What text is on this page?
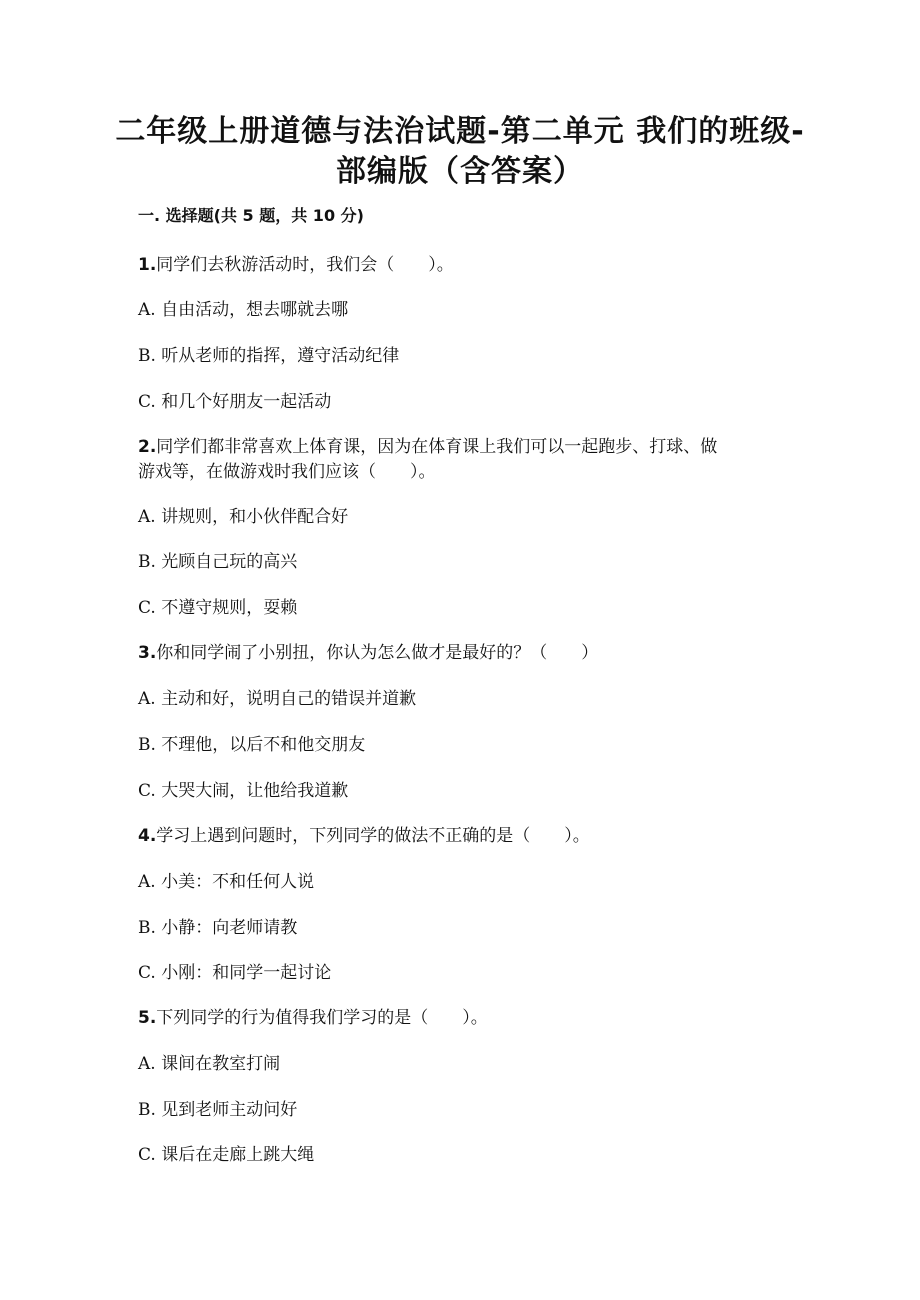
二年级上册道德与法治试题-第二单元 我们的班级-
部编版（含答案）
一. 选择题(共 5 题，共 10 分)
1.同学们去秋游活动时，我们会（　　）。
A. 自由活动，想去哪就去哪
B. 听从老师的指挥，遵守活动纪律
C. 和几个好朋友一起活动
2.同学们都非常喜欢上体育课，因为在体育课上我们可以一起跑步、打球、做
游戏等，在做游戏时我们应该（　　）。
A. 讲规则，和小伙伴配合好
B. 光顾自己玩的高兴
C. 不遵守规则，耍赖
3.你和同学闹了小别扭，你认为怎么做才是最好的？（　　）
A. 主动和好，说明自己的错误并道歉
B. 不理他，以后不和他交朋友
C. 大哭大闹，让他给我道歉
4.学习上遇到问题时，下列同学的做法不正确的是（　　）。
A. 小美：不和任何人说
B. 小静：向老师请教
C. 小刚：和同学一起讨论
5.下列同学的行为值得我们学习的是（　　）。
A. 课间在教室打闹
B. 见到老师主动问好
C. 课后在走廊上跳大绳
